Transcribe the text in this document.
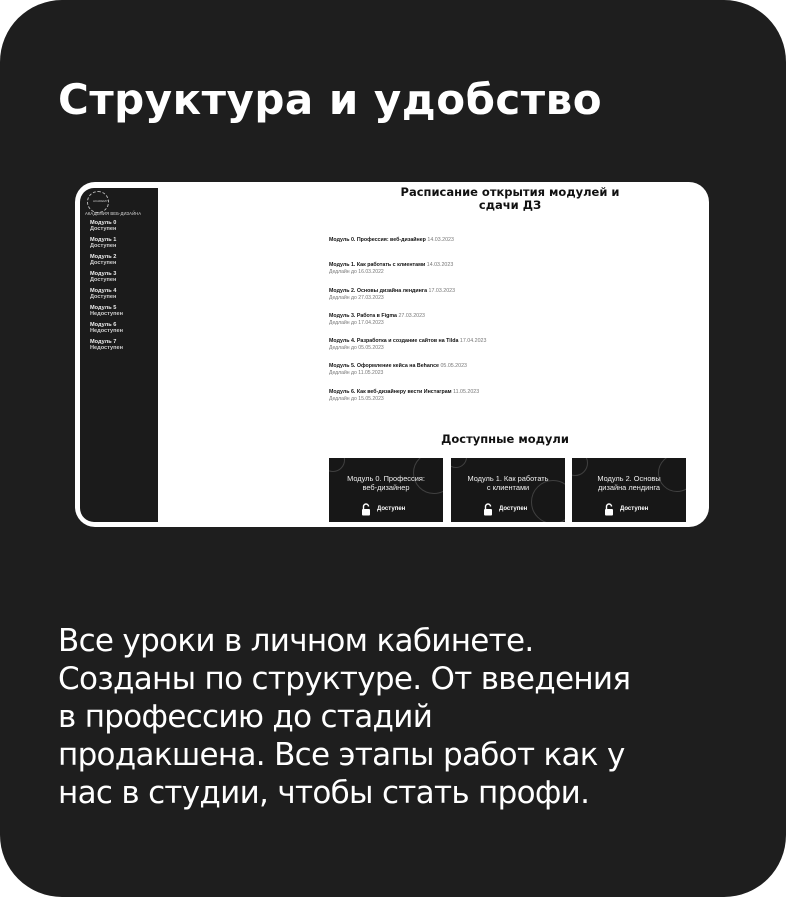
Структура и удобство
ACADEMY
АКАДЕМИЯ ВЕБ-ДИЗАЙНА
Модуль 0
Доступен
Модуль 1
Доступен
Модуль 2
Доступен
Модуль 3
Доступен
Модуль 4
Доступен
Модуль 5
Недоступен
Модуль 6
Недоступен
Модуль 7
Недоступен
Расписание открытия модулей и
сдачи ДЗ
Модуль 0. Профессия: веб-дизайнер 14.03.2023
Модуль 1. Как работать с клиентами 14.03.2023
Дедлайн до 16.03.2022
Модуль 2. Основы дизайна лендинга 17.03.2023
Дедлайн до 27.03.2023
Модуль 3. Работа в Figma 27.03.2023
Дедлайн до 17.04.2023
Модуль 4. Разработка и создание сайтов на Tilda 17.04.2023
Дедлайн до 05.05.2023
Модуль 5. Оформление кейса на Behance 05.05.2023
Дедлайн до 11.05.2023
Модуль 6. Как веб-дизайнеру вести Инстаграм 11.05.2023
Дедлайн до 15.05.2023
Доступные модули
Модуль 0. Профессия:
веб-дизайнер
Доступен
Модуль 1. Как работать
с клиентами
Доступен
Модуль 2. Основы
дизайна лендинга
Доступен
Все уроки в личном кабинете.
Созданы по структуре. От введения
в профессию до стадий
продакшена. Все этапы работ как у
нас в студии, чтобы стать профи.
